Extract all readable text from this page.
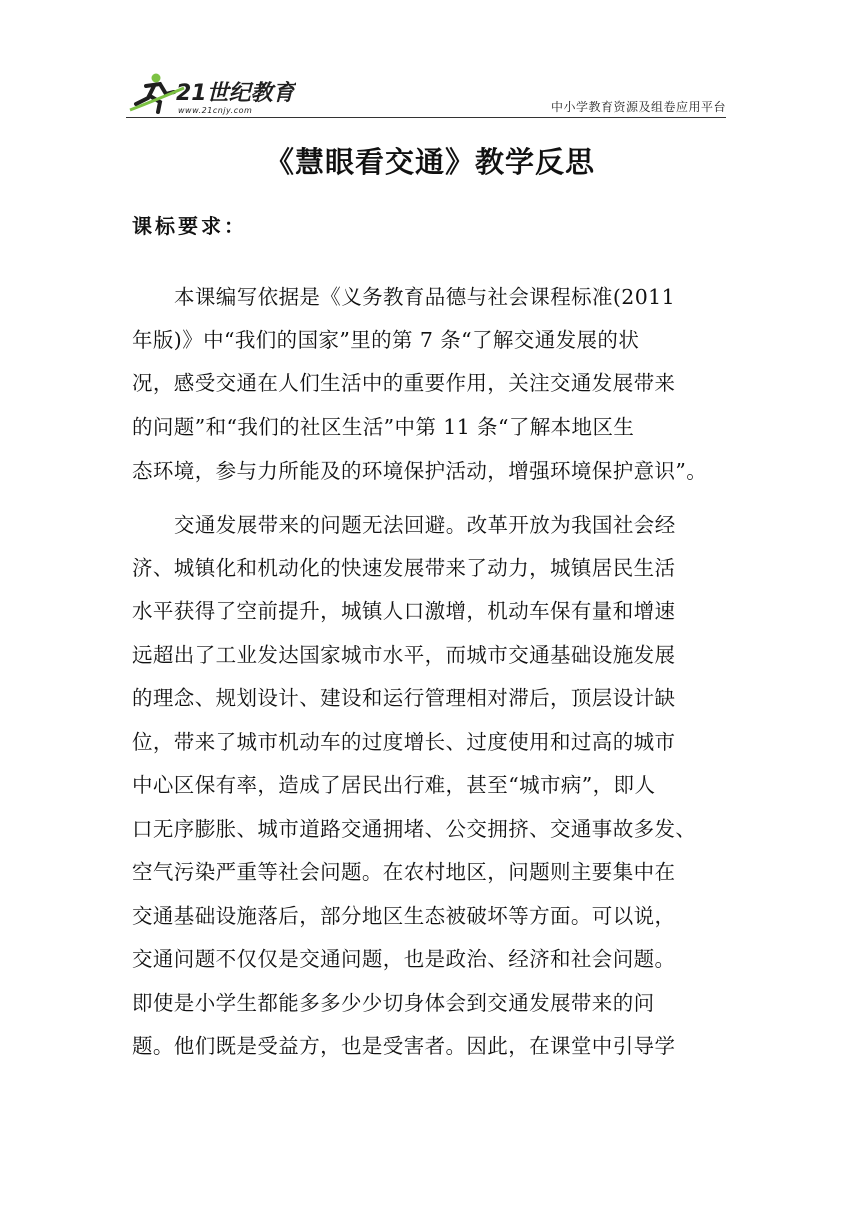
21世纪教育
www.21cnjy.com	中小学教育资源及组卷应用平台
《慧眼看交通》教学反思
课标要求：
本课编写依据是《义务教育品德与社会课程标准(2011
年版)》中“我们的国家”里的第 7 条“了解交通发展的状
况，感受交通在人们生活中的重要作用，关注交通发展带来
的问题”和“我们的社区生活”中第 11 条“了解本地区生
态环境，参与力所能及的环境保护活动，增强环境保护意识”。
交通发展带来的问题无法回避。改革开放为我国社会经
济、城镇化和机动化的快速发展带来了动力，城镇居民生活
水平获得了空前提升，城镇人口激增，机动车保有量和增速
远超出了工业发达国家城市水平，而城市交通基础设施发展
的理念、规划设计、建设和运行管理相对滞后，顶层设计缺
位，带来了城市机动车的过度增长、过度使用和过高的城市
中心区保有率，造成了居民出行难，甚至“城市病”，即人
口无序膨胀、城市道路交通拥堵、公交拥挤、交通事故多发、
空气污染严重等社会问题。在农村地区，问题则主要集中在
交通基础设施落后，部分地区生态被破坏等方面。可以说，
交通问题不仅仅是交通问题，也是政治、经济和社会问题。
即使是小学生都能多多少少切身体会到交通发展带来的问
题。他们既是受益方，也是受害者。因此，在课堂中引导学
